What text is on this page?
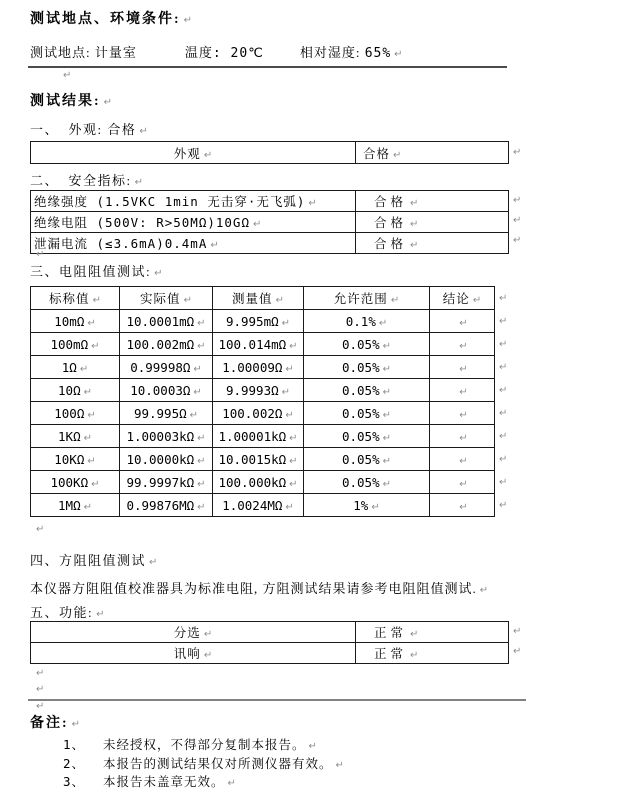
测试地点、环境条件: ↵
测试地点: 计量室	温度: 20℃	相对湿度: 65% ↵
↵
测试结果: ↵
一、  外观: 合格 ↵
外观 ↵	合格 ↵	↵
二、  安全指标: ↵
绝缘强度 (1.5VKC 1min 无击穿·无飞弧) ↵	合格 ↵
绝缘电阻 (500V: R>50MΩ)10GΩ ↵	合格 ↵
泄漏电流 (≤3.6mA)0.4mA ↵	合格 ↵
↵
↵
↵
↵
三、电阻阻值测试: ↵
标称值 ↵	实际值 ↵	测量值 ↵	允许范围 ↵	结论 ↵
10mΩ ↵	10.0001mΩ ↵	9.995mΩ ↵	0.1% ↵	↵
100mΩ ↵	100.002mΩ ↵	100.014mΩ ↵	0.05% ↵	↵
1Ω ↵	0.99998Ω ↵	1.00009Ω ↵	0.05% ↵	↵
10Ω ↵	10.0003Ω ↵	9.9993Ω ↵	0.05% ↵	↵
100Ω ↵	99.995Ω ↵	100.002Ω ↵	0.05% ↵	↵
1KΩ ↵	1.00003kΩ ↵	1.00001kΩ ↵	0.05% ↵	↵
10KΩ ↵	10.0000kΩ ↵	10.0015kΩ ↵	0.05% ↵	↵
100KΩ ↵	99.9997kΩ ↵	100.000kΩ ↵	0.05% ↵	↵
1MΩ ↵	0.99876MΩ ↵	1.0024MΩ ↵	1% ↵	↵
↵
↵
↵
↵
↵
↵
↵
↵
↵
↵
↵
四、方阻阻值测试 ↵
本仪器方阻阻值校准器具为标准电阻, 方阻测试结果请参考电阻阻值测试. ↵
五、功能: ↵
分选 ↵	正常 ↵
讯响 ↵	正常 ↵
↵
↵
↵
↵
↵
备注: ↵
1、	未经授权，不得部分复制本报告。 ↵
2、	本报告的测试结果仅对所测仪器有效。 ↵
3、	本报告未盖章无效。 ↵
